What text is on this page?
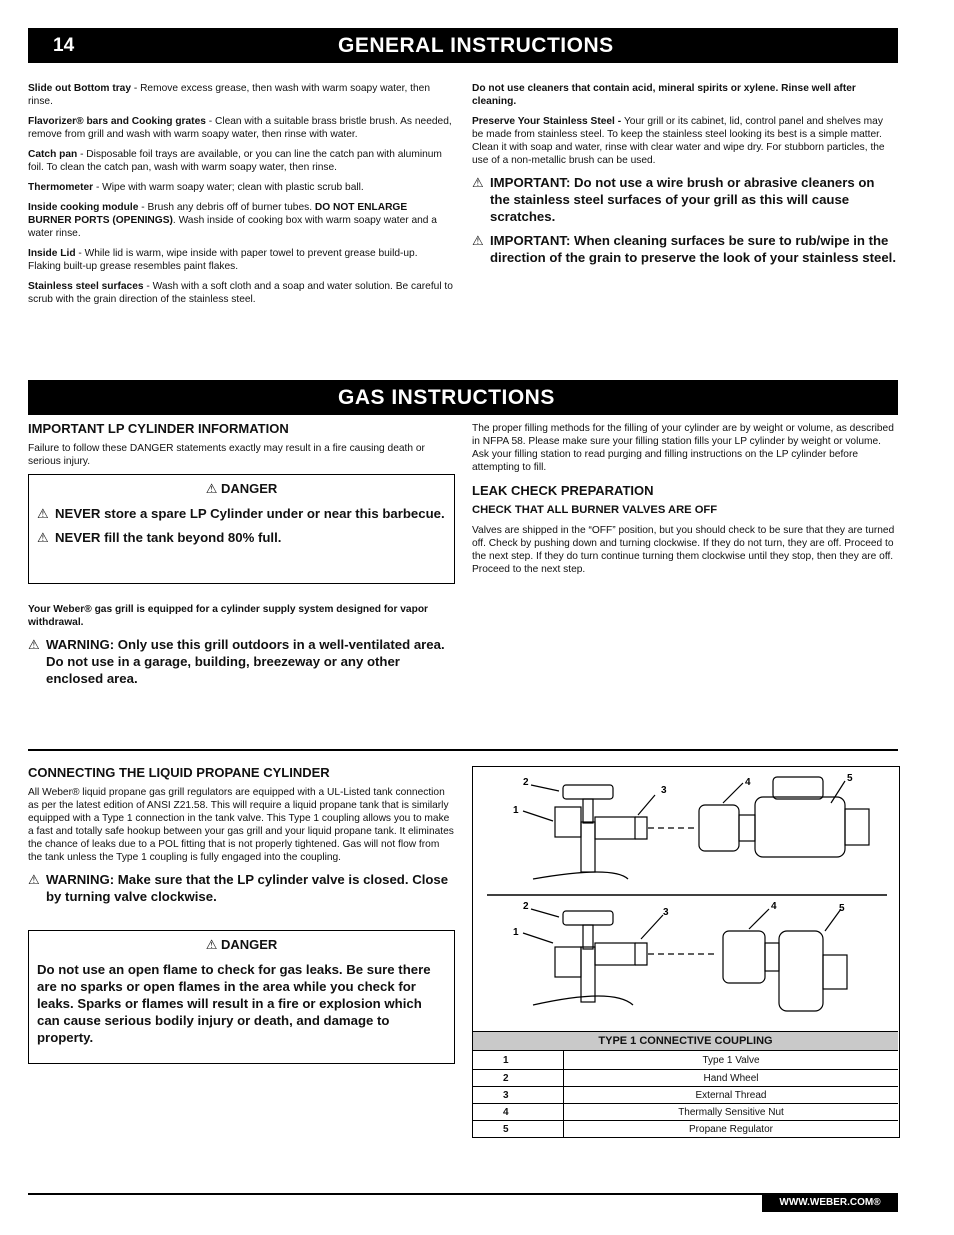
14	GENERAL INSTRUCTIONS

Slide out Bottom tray - Remove excess grease, then wash with warm soapy water, then rinse.

Flavorizer® bars and Cooking grates - Clean with a suitable brass bristle brush. As needed, remove from grill and wash with warm soapy water, then rinse with water.

Catch pan - Disposable foil trays are available, or you can line the catch pan with aluminum foil. To clean the catch pan, wash with warm soapy water, then rinse.

Thermometer - Wipe with warm soapy water; clean with plastic scrub ball.

Inside cooking module - Brush any debris off of burner tubes. DO NOT ENLARGE BURNER PORTS (OPENINGS). Wash inside of cooking box with warm soapy water and a water rinse.

Inside Lid - While lid is warm, wipe inside with paper towel to prevent grease build-up. Flaking built-up grease resembles paint flakes.

Stainless steel surfaces - Wash with a soft cloth and a soap and water solution. Be careful to scrub with the grain direction of the stainless steel.

Do not use cleaners that contain acid, mineral spirits or xylene. Rinse well after cleaning.

Preserve Your Stainless Steel - Your grill or its cabinet, lid, control panel and shelves may be made from stainless steel. To keep the stainless steel looking its best is a simple matter. Clean it with soap and water, rinse with clear water and wipe dry. For stubborn particles, the use of a non-metallic brush can be used.

⚠ IMPORTANT: Do not use a wire brush or abrasive cleaners on the stainless steel surfaces of your grill as this will cause scratches.
⚠ IMPORTANT: When cleaning surfaces be sure to rub/wipe in the direction of the grain to preserve the look of your stainless steel.
GAS INSTRUCTIONS
IMPORTANT LP CYLINDER INFORMATION

Failure to follow these DANGER statements exactly may result in a fire causing death or serious injury.

⚠ DANGER
⚠ NEVER store a spare LP Cylinder under or near this barbecue.
⚠ NEVER fill the tank beyond 80% full.

Your Weber® gas grill is equipped for a cylinder supply system designed for vapor withdrawal.

⚠ WARNING: Only use this grill outdoors in a well-ventilated area. Do not use in a garage, building, breezeway or any other enclosed area.

The proper filling methods for the filling of your cylinder are by weight or volume, as described in NFPA 58. Please make sure your filling station fills your LP cylinder by weight or volume. Ask your filling station to read purging and filling instructions on the LP cylinder before attempting to fill.

LEAK CHECK PREPARATION
CHECK THAT ALL BURNER VALVES ARE OFF

Valves are shipped in the “OFF” position, but you should check to be sure that they are turned off. Check by pushing down and turning clockwise. If they do not turn, they are off. Proceed to the next step. If they do turn continue turning them clockwise until they stop, then they are off. Proceed to the next step.

CONNECTING THE LIQUID PROPANE CYLINDER

All Weber® liquid propane gas grill regulators are equipped with a UL-Listed tank connection as per the latest edition of ANSI Z21.58. This will require a liquid propane tank that is similarly equipped with a Type 1 connection in the tank valve. This Type 1 coupling allows you to make a fast and totally safe hookup between your gas grill and your liquid propane tank. It eliminates the chance of leaks due to a POL fitting that is not properly tightened. Gas will not flow from the tank unless the Type 1 coupling is fully engaged into the coupling.

⚠ WARNING: Make sure that the LP cylinder valve is closed. Close by turning valve clockwise.
⚠ DANGER
Do not use an open flame to check for gas leaks. Be sure there are no sparks or open flames in the area while you check for leaks. Sparks or flames will result in a fire or explosion which can cause serious bodily injury or death, and damage to property.
2
1
3
4	5
2
1
3
4	5
TYPE 1 CONNECTIVE COUPLING	
1	Type 1 Valve
2	Hand Wheel
3	External Thread
4	Thermally Sensitive Nut
5	Propane Regulator
WWW.WEBER.COM®
